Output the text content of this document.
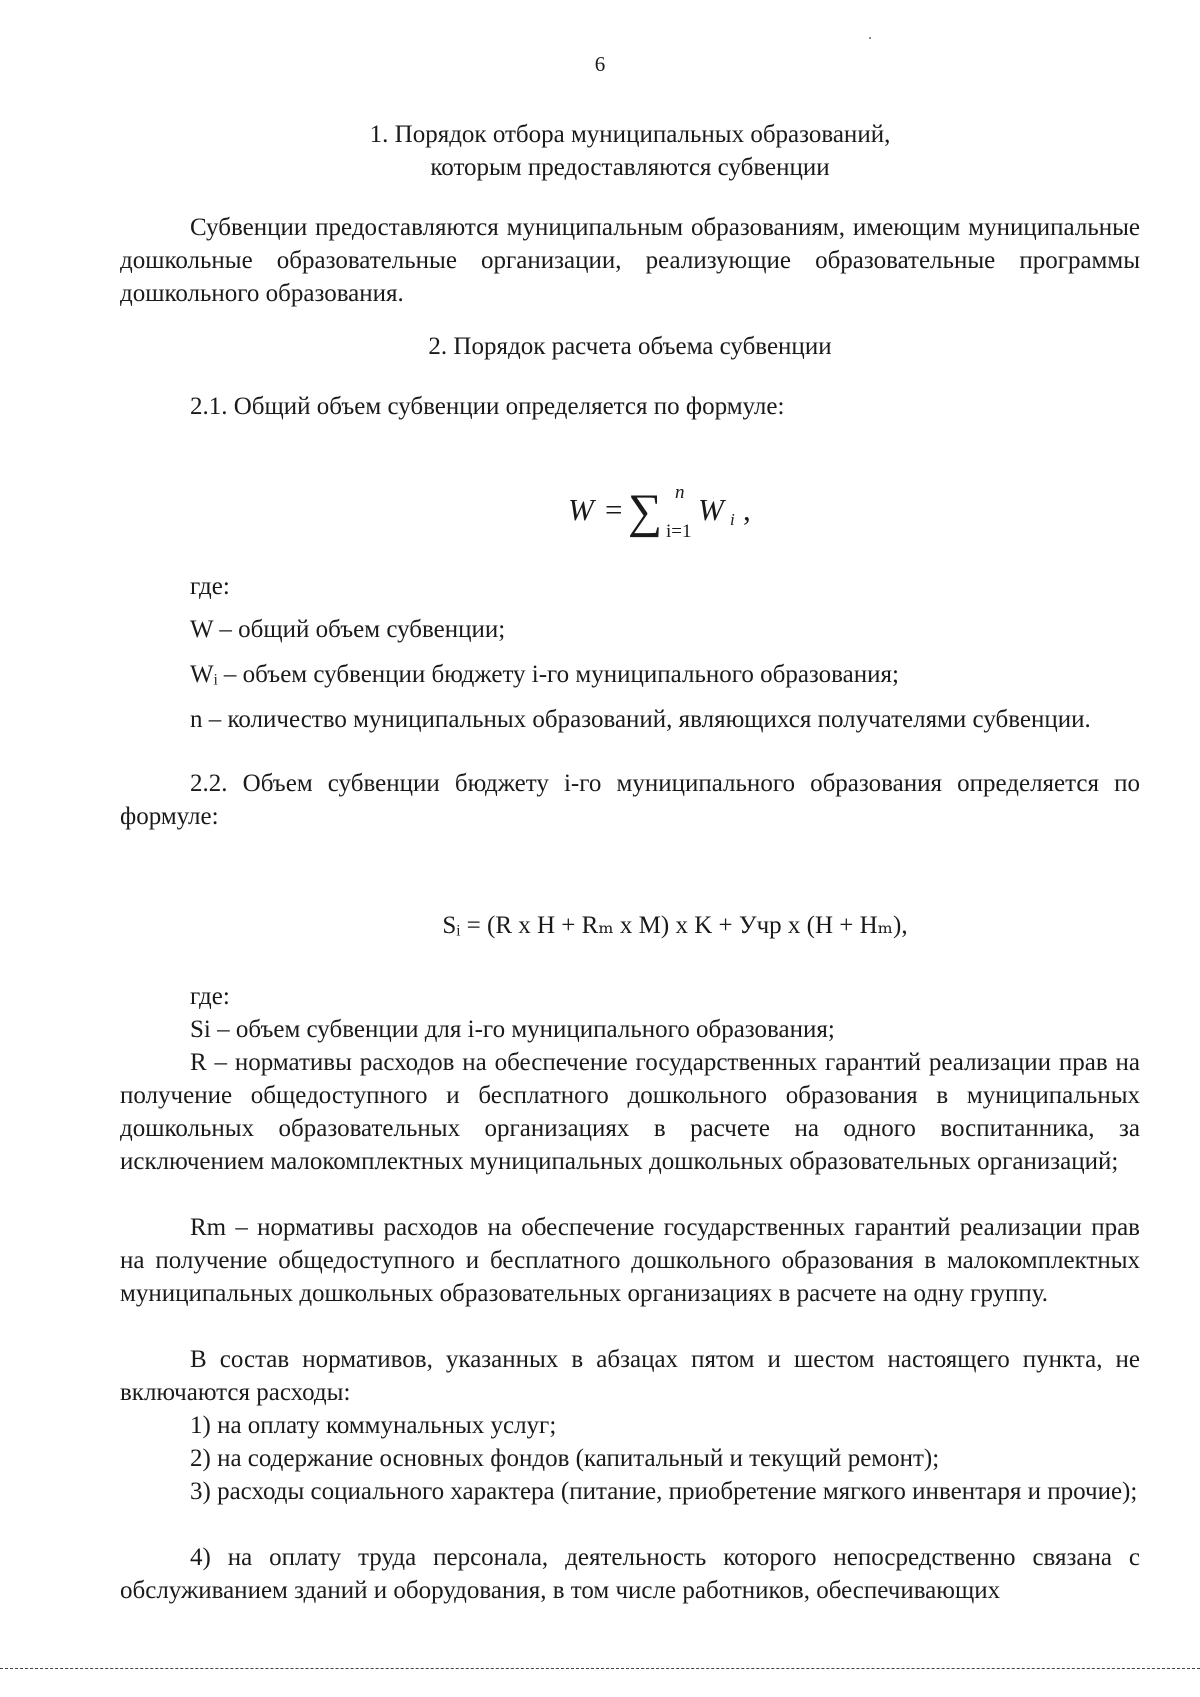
6
1. Порядок отбора муниципальных образований,
которым предоставляются субвенции

Субвенции предоставляются муниципальным образованиям, имеющим муниципальные дошкольные образовательные организации, реализующие образовательные программы дошкольного образования.

2. Порядок расчета объема субвенции

2.1. Общий объем субвенции определяется по формуле:

W = ∑ n
i=1
W i ,

где:

W – общий объем субвенции;

Wᵢ – объем субвенции бюджету i-го муниципального образования;

n – количество муниципальных образований, являющихся получателями субвенции.

2.2. Объем субвенции бюджету i-го муниципального образования определяется по формуле:

Sᵢ = (R x H + Rₘ x M) x K + Учр x (H + Hₘ),

где:

Si – объем субвенции для i-го муниципального образования;

R – нормативы расходов на обеспечение государственных гарантий реализации прав на получение общедоступного и бесплатного дошкольного образования в муниципальных дошкольных образовательных организациях в расчете на одного воспитанника, за исключением малокомплектных муниципальных дошкольных образовательных организаций;

Rm – нормативы расходов на обеспечение государственных гарантий реализации прав на получение общедоступного и бесплатного дошкольного образования в малокомплектных муниципальных дошкольных образовательных организациях в расчете на одну группу.

В состав нормативов, указанных в абзацах пятом и шестом настоящего пункта, не включаются расходы:

1) на оплату коммунальных услуг;

2) на содержание основных фондов (капитальный и текущий ремонт);

3) расходы социального характера (питание, приобретение мягкого инвентаря и прочие);

4) на оплату труда персонала, деятельность которого непосредственно связана с обслуживанием зданий и оборудования, в том числе работников, обеспечивающих
